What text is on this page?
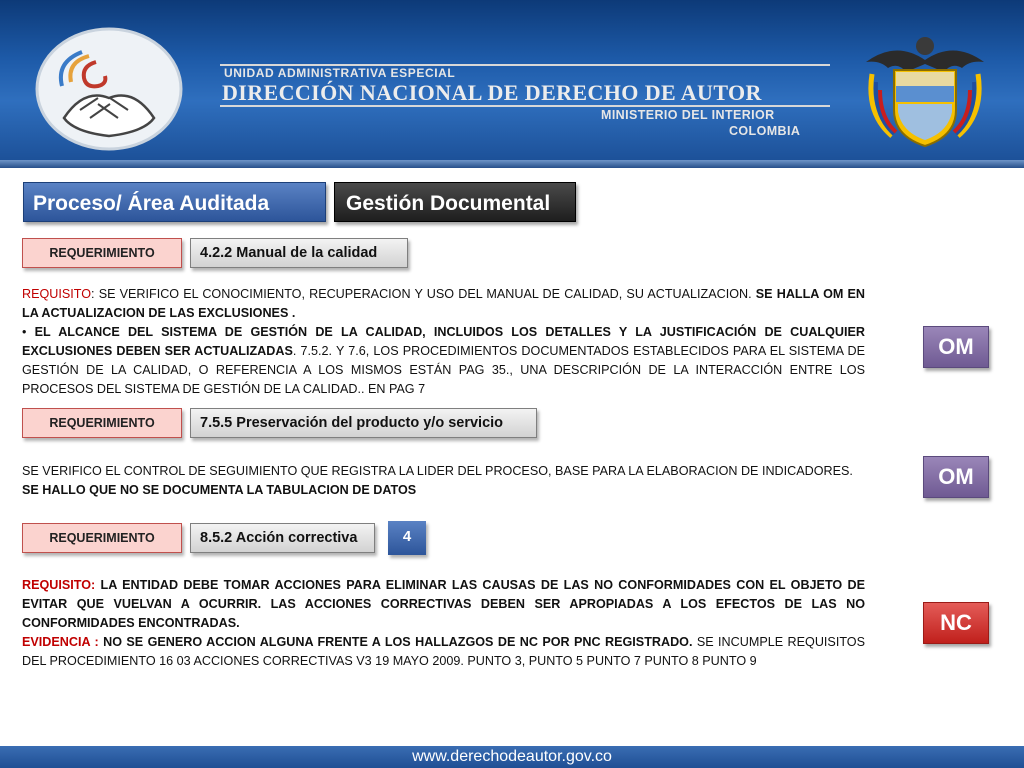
UNIDAD ADMINISTRATIVA ESPECIAL
DIRECCIÓN NACIONAL DE DERECHO DE AUTOR
MINISTERIO DEL INTERIOR
COLOMBIA
Proceso/ Área Auditada	Gestión Documental
REQUERIMIENTO	4.2.2 Manual de la calidad

REQUISITO: SE VERIFICO EL CONOCIMIENTO, RECUPERACION Y USO DEL MANUAL DE CALIDAD, SU ACTUALIZACION. SE HALLA OM EN LA ACTUALIZACION DE LAS EXCLUSIONES .

• EL ALCANCE DEL SISTEMA DE GESTIÓN DE LA CALIDAD, INCLUIDOS LOS DETALLES Y LA JUSTIFICACIÓN DE CUALQUIER EXCLUSIONES DEBEN SER ACTUALIZADAS. 7.5.2. Y 7.6, LOS PROCEDIMIENTOS DOCUMENTADOS ESTABLECIDOS PARA EL SISTEMA DE GESTIÓN DE LA CALIDAD, O REFERENCIA A LOS MISMOS ESTÁN PAG 35., UNA DESCRIPCIÓN DE LA INTERACCIÓN ENTRE LOS PROCESOS DEL SISTEMA DE GESTIÓN DE LA CALIDAD.. EN PAG 7

OM
REQUERIMIENTO	7.5.5 Preservación del producto y/o servicio

SE VERIFICO EL CONTROL DE SEGUIMIENTO QUE REGISTRA LA LIDER DEL PROCESO, BASE PARA LA ELABORACION DE INDICADORES.

SE HALLO QUE NO SE DOCUMENTA LA TABULACION DE DATOS

OM
REQUERIMIENTO	8.5.2 Acción correctiva	4

REQUISITO: LA ENTIDAD DEBE TOMAR ACCIONES PARA ELIMINAR LAS CAUSAS DE LAS NO CONFORMIDADES CON EL OBJETO DE EVITAR QUE VUELVAN A OCURRIR. LAS ACCIONES CORRECTIVAS DEBEN SER APROPIADAS A LOS EFECTOS DE LAS NO CONFORMIDADES ENCONTRADAS.

EVIDENCIA : NO SE GENERO ACCION ALGUNA FRENTE A LOS HALLAZGOS DE NC POR PNC REGISTRADO. SE INCUMPLE REQUISITOS DEL PROCEDIMIENTO 16 03 ACCIONES CORRECTIVAS V3 19 MAYO 2009. PUNTO 3, PUNTO 5 PUNTO 7 PUNTO 8 PUNTO 9

NC
www.derechodeautor.gov.co
